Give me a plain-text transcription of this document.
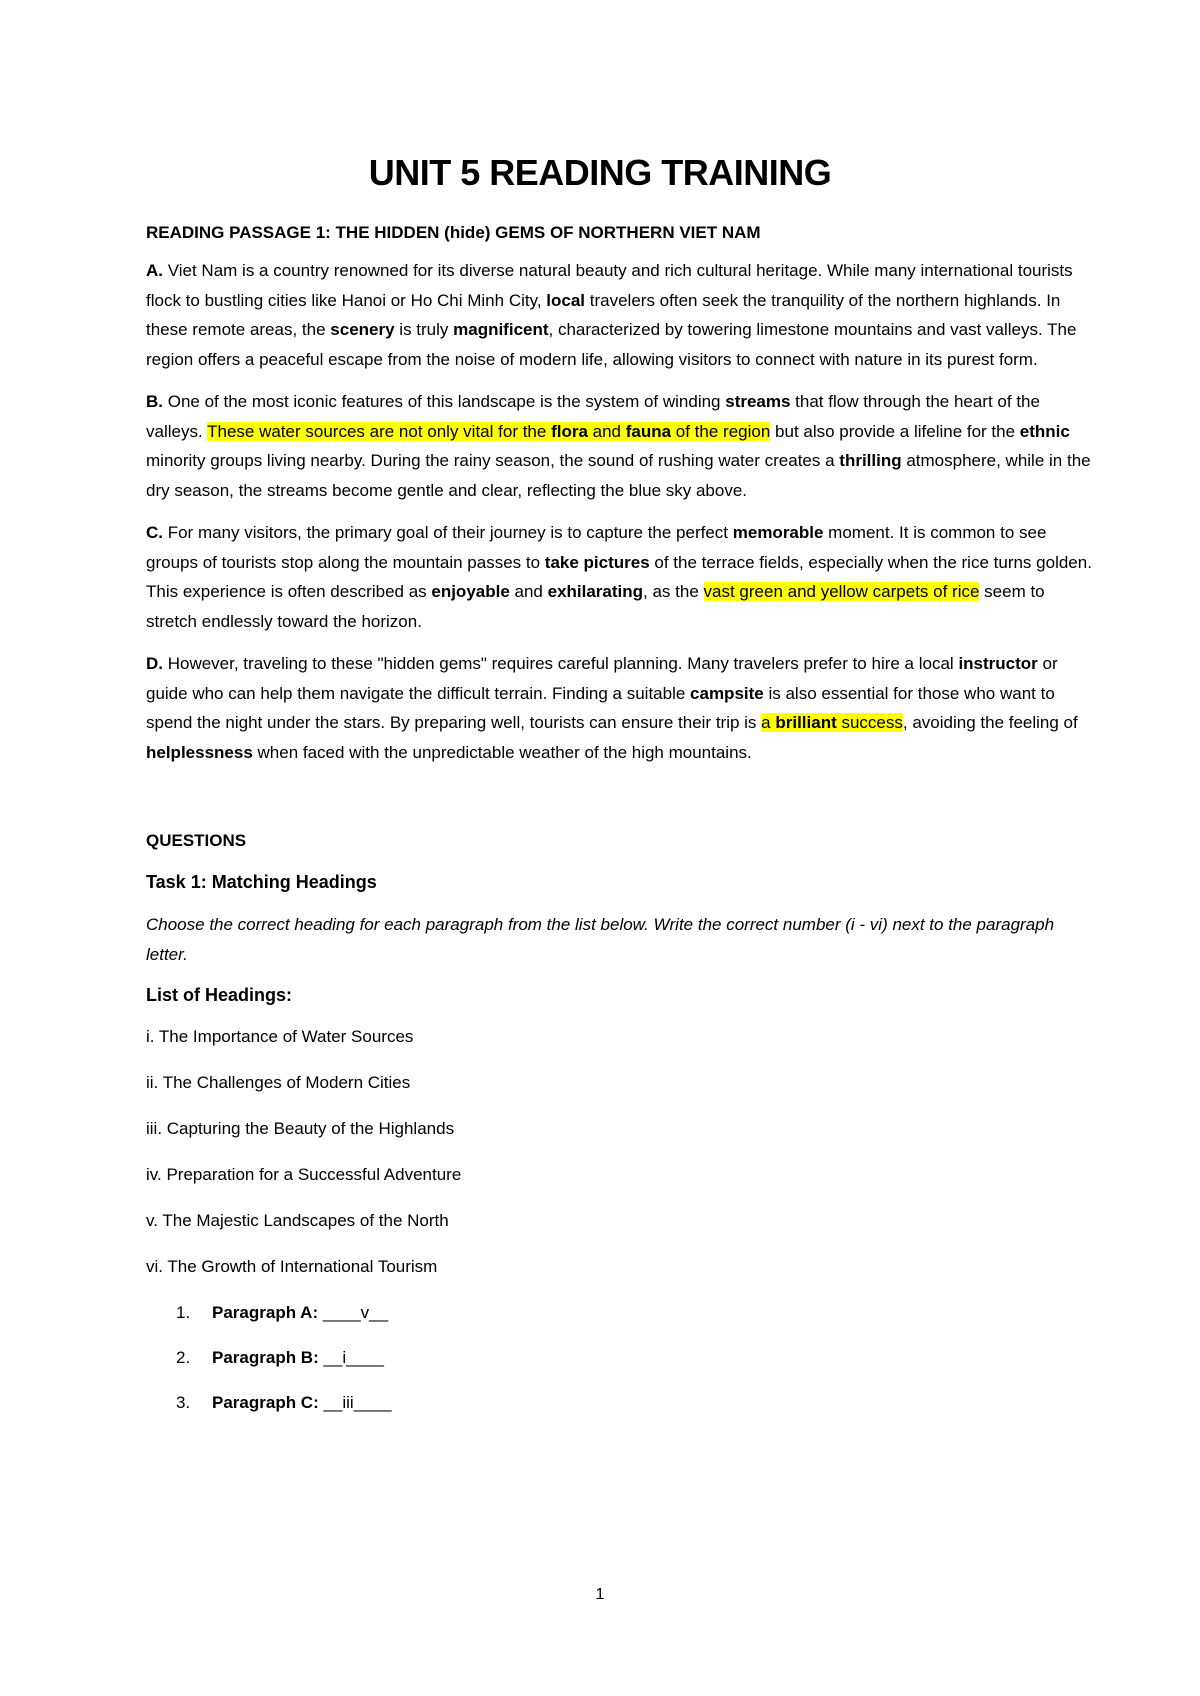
UNIT 5 READING TRAINING

READING PASSAGE 1: THE HIDDEN (hide) GEMS OF NORTHERN VIET NAM

A. Viet Nam is a country renowned for its diverse natural beauty and rich cultural heritage. While many international tourists flock to bustling cities like Hanoi or Ho Chi Minh City, local travelers often seek the tranquility of the northern highlands. In these remote areas, the scenery is truly magnificent, characterized by towering limestone mountains and vast valleys. The region offers a peaceful escape from the noise of modern life, allowing visitors to connect with nature in its purest form.

B. One of the most iconic features of this landscape is the system of winding streams that flow through the heart of the valleys. These water sources are not only vital for the flora and fauna of the region but also provide a lifeline for the ethnic minority groups living nearby. During the rainy season, the sound of rushing water creates a thrilling atmosphere, while in the dry season, the streams become gentle and clear, reflecting the blue sky above.

C. For many visitors, the primary goal of their journey is to capture the perfect memorable moment. It is common to see groups of tourists stop along the mountain passes to take pictures of the terrace fields, especially when the rice turns golden. This experience is often described as enjoyable and exhilarating, as the vast green and yellow carpets of rice seem to stretch endlessly toward the horizon.

D. However, traveling to these "hidden gems" requires careful planning. Many travelers prefer to hire a local instructor or guide who can help them navigate the difficult terrain. Finding a suitable campsite is also essential for those who want to spend the night under the stars. By preparing well, tourists can ensure their trip is a brilliant success, avoiding the feeling of helplessness when faced with the unpredictable weather of the high mountains.

QUESTIONS

Task 1: Matching Headings

Choose the correct heading for each paragraph from the list below. Write the correct number (i - vi) next to the paragraph letter.

List of Headings:

i. The Importance of Water Sources

ii. The Challenges of Modern Cities

iii. Capturing the Beauty of the Highlands

iv. Preparation for a Successful Adventure

v. The Majestic Landscapes of the North

vi. The Growth of International Tourism

1. Paragraph A: ____v__
2. Paragraph B: __i____
3. Paragraph C: __iii____
1
